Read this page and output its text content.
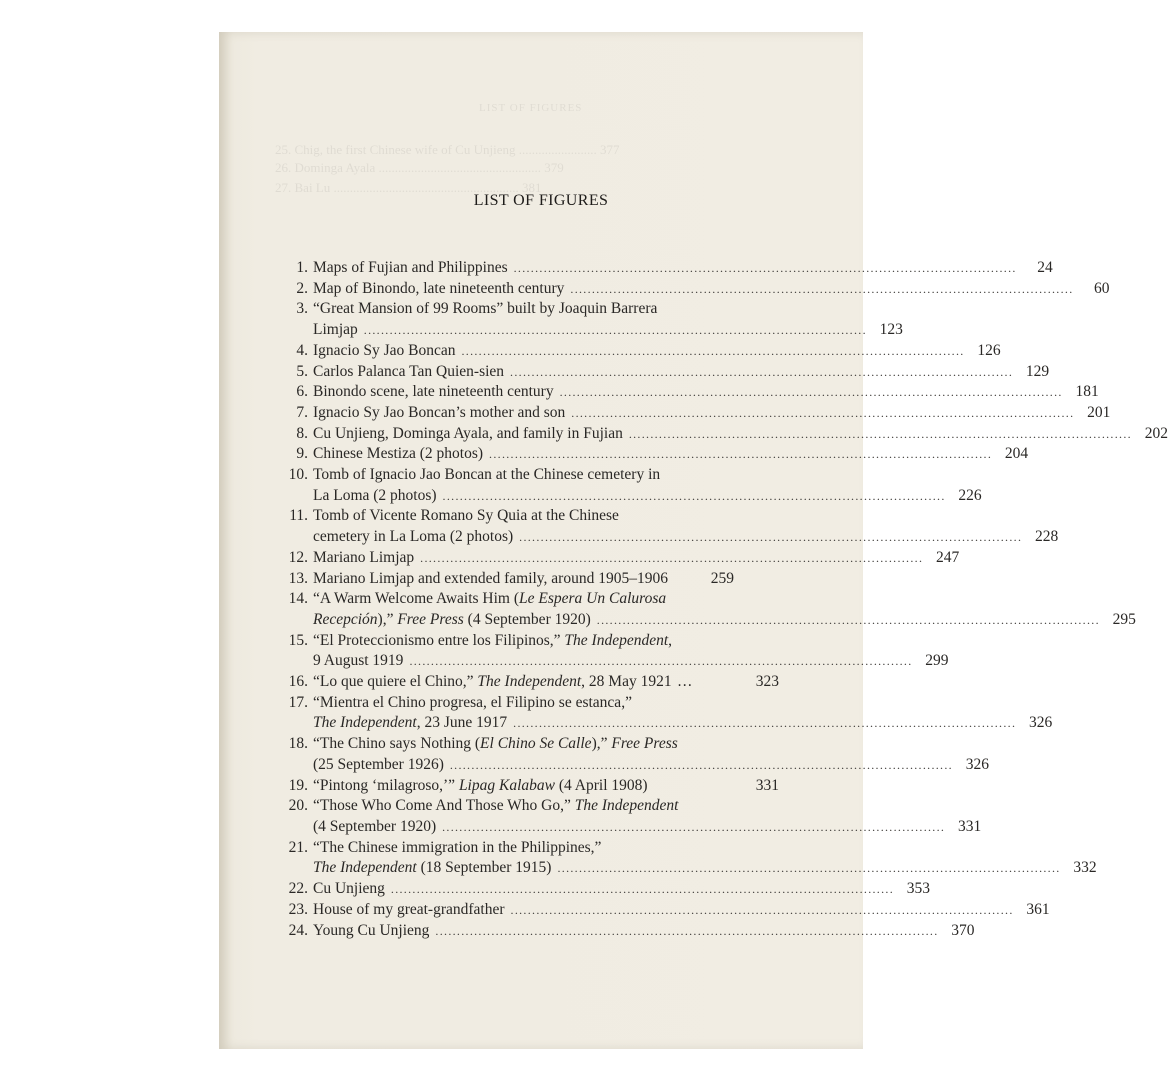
LIST OF FIGURES
25. Chig, the first Chinese wife of Cu Unjieng ........................ 377
26. Dominga Ayala .................................................. 379
27. Bai Lu ......................................................... 381
LIST OF FIGURES
1. Maps of Fujian and Philippines .....................................................................................................................	24
2. Map of Binondo, late nineteenth century .....................................................................................................................	60
3. “Great Mansion of 99 Rooms” built by Joaquin Barrera
Limjap ..................................................................................................................... 123
4. Ignacio Sy Jao Boncan ..................................................................................................................... 126
5. Carlos Palanca Tan Quien-sien ..................................................................................................................... 129
6. Binondo scene, late nineteenth century ..................................................................................................................... 181
7. Ignacio Sy Jao Boncan’s mother and son ..................................................................................................................... 201
8. Cu Unjieng, Dominga Ayala, and family in Fujian ..................................................................................................................... 202
9. Chinese Mestiza (2 photos) ..................................................................................................................... 204
10. Tomb of Ignacio Jao Boncan at the Chinese cemetery in
La Loma (2 photos) ..................................................................................................................... 226
11. Tomb of Vicente Romano Sy Quia at the Chinese
cemetery in La Loma (2 photos) ..................................................................................................................... 228
12. Mariano Limjap ..................................................................................................................... 247
13. Mariano Limjap and extended family, around 1905–1906	259
14. “A Warm Welcome Awaits Him (Le Espera Un Calurosa
Recepción),” Free Press (4 September 1920) ..................................................................................................................... 295
15. “El Proteccionismo entre los Filipinos,” The Independent,
9 August 1919 ..................................................................................................................... 299
16. “Lo que quiere el Chino,” The Independent, 28 May 1921 ...	323
17. “Mientra el Chino progresa, el Filipino se estanca,”
The Independent, 23 June 1917 ..................................................................................................................... 326
18. “The Chino says Nothing (El Chino Se Calle),” Free Press
(25 September 1926) ..................................................................................................................... 326
19. “Pintong ‘milagroso,’” Lipag Kalabaw (4 April 1908)	331
20. “Those Who Come And Those Who Go,” The Independent
(4 September 1920) ..................................................................................................................... 331
21. “The Chinese immigration in the Philippines,”
The Independent (18 September 1915) ..................................................................................................................... 332
22. Cu Unjieng ..................................................................................................................... 353
23. House of my great-grandfather ..................................................................................................................... 361
24. Young Cu Unjieng ..................................................................................................................... 370
